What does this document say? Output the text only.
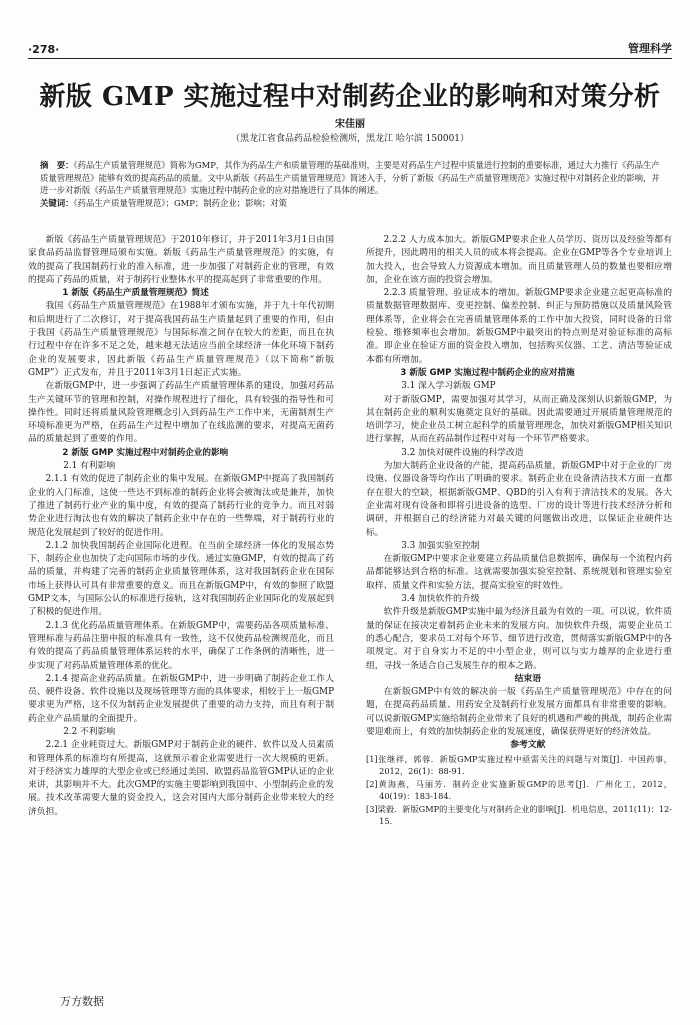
·278·	管理科学
新版 GMP 实施过程中对制药企业的影响和对策分析
宋佳丽
（黑龙江省食品药品检验检测所，黑龙江 哈尔滨 150001）
摘　要：《药品生产质量管理规范》简称为GMP，其作为药品生产和质量管理的基础准则，主要是对药品生产过程中质量进行控制的重要标准，通过大力推行《药品生产质量管理规范》能够有效的提高药品的质量。文中从新版《药品生产质量管理规范》简述入手，分析了新版《药品生产质量管理规范》实施过程中对制药企业的影响，并进一步对新版《药品生产质量管理规范》实施过程中制药企业的应对措施进行了具体的阐述。
关键词：《药品生产质量管理规范》；GMP；制药企业；影响；对策

新版《药品生产质量管理规范》于2010年修订，并于2011年3月1日由国家食品药品监督管理局颁布实施。新版《药品生产质量管理规范》的实施，有效的提高了我国制药行业的准入标准，进一步加强了对制药企业的管理，有效的提高了药品的质量，对于制药行业整体水平的提高起到了非常重要的作用。

1 新版《药品生产质量管理规范》简述

我国《药品生产质量管理规范》在1988年才颁布实施，并于九十年代初期和后期进行了二次修订，对于提高我国药品生产质量起到了重要的作用，但由于我国《药品生产质量管理规范》与国际标准之间存在较大的差距，而且在执行过程中存在许多不足之处，越来越无法适应当前全球经济一体化环境下制药企业的发展要求，因此新版《药品生产质量管理规范》（以下简称“新版 GMP”）正式发布，并且于2011年3月1日起正式实施。

在新版GMP中，进一步强调了药品生产质量管理体系的建设，加强对药品生产关键环节的管理和控制，对操作规程进行了细化，具有较强的指导性和可操作性。同时还将质量风险管理概念引入到药品生产工作中来，无菌制剂生产环境标准更为严格，在药品生产过程中增加了在线监测的要求，对提高无菌药品的质量起到了重要的作用。

2 新版 GMP 实施过程中对制药企业的影响

2.1 有利影响

2.1.1 有效的促进了制药企业的集中发展。在新版GMP中提高了我国制药企业的入门标准，这使一些达不到标准的制药企业将会被淘汰或是兼并，加快了推进了制药行业产业的集中度，有效的提高了制药行业的竞争力。而且对弱势企业进行淘汰也有效的解决了制药企业中存在的一些弊端，对于制药行业的规范化发展起到了较好的促进作用。

2.1.2 加快我国制药企业国际化进程。在当前全球经济一体化的发展态势下，制药企业也加快了走向国际市场的步伐。通过实施GMP，有效的提高了药品的质量，并构建了完善的制药企业质量管理体系，这对我国制药企业在国际市场上获得认可具有非常重要的意义。而且在新版GMP中，有效的参照了欧盟GMP文本，与国际公认的标准进行接轨，这对我国制药企业国际化的发展起到了积极的促进作用。

2.1.3 优化药品质量管理体系。在新版GMP中，需要药品各项质量标准、管理标准与药品注册申报的标准具有一致性，这不仅使药品检测规范化，而且有效的提高了药品质量管理体系运转的水平，确保了工作条例的清晰性，进一步实现了对药品质量管理体系的优化。

2.1.4 提高企业药品质量。在新版GMP中，进一步明确了制药企业工作人员、硬件设备、软件设施以及现场管理等方面的具体要求，相较于上一版GMP要求更为严格，这不仅为制药企业发展提供了重要的动力支持，而且有利于制药企业产品质量的全面提升。

2.2 不利影响

2.2.1 企业耗资过大。新版GMP对于制药企业的硬件、软件以及人员素质和管理体系的标准均有所提高，这就预示着企业需要进行一次大规模的更新。对于经济实力雄厚的大型企业或已经通过美国、欧盟药品监管GMP认证的企业来讲，其影响并不大。此次GMP的实施主要影响到我国中、小型制药企业的发展。技术改革需要大量的资金投入，这会对国内大部分制药企业带来较大的经济负担。

2.2.2 人力成本加大。新版GMP要求企业人员学历、资历以及经验等都有所提升，因此聘用的相关人员的成本将会提高。企业在GMP等各个专业培训上加大投入，也会导致人力资源成本增加。而且质量管理人员的数量也要相应增加，企业在该方面的投资会增加。

2.2.3 质量管理、验证成本的增加。新版GMP要求企业建立起更高标准的质量数据管理数据库、变更控制、偏差控制、纠正与预防措施以及质量风险管理体系等，企业将会在完善质量管理体系的工作中加大投资，同时设备的日常检验、维修频率也会增加。新版GMP中最突出的特点则是对验证标准的高标准。即企业在验证方面的资金投入增加，包括购买仪器、工艺、清洁等验证成本都有所增加。

3 新版 GMP 实施过程中制药企业的应对措施

3.1 深入学习新版 GMP

对于新版GMP，需要加强对其学习，从而正确及深刻认识新版GMP，为其在制药企业的顺利实施奠定良好的基础。因此需要通过开展质量管理规范的培训学习，使企业员工树立起科学的质量管理理念，加快对新版GMP相关知识进行掌握，从而在药品制作过程中对每一个环节严格要求。

3.2 加快对硬件设施的科学改造

为加大制药企业设备的产能，提高药品质量，新版GMP中对于企业的厂房设施、仪器设备等均作出了明确的要求。制药企业在设备清洁技术方面一直都存在很大的空缺，根据新版GMP、QBD的引入有利于清洁技术的发展。各大企业需对现有设备和即将引进设备的选型、厂房的设计等进行技术经济分析和调研，并根据自己的经济能力对最关键的问题做出改进，以保证企业硬件达标。

3.3 加强实验室控制

在新版GMP中要求企业要建立药品质量信息数据库，确保每一个流程内药品都能够达到合格的标准。这就需要加强实验室控制、系统规划和管理实验室取样、质量文件和实验方法，提高实验室的时效性。

3.4 加快软件的升级

软件升级是新版GMP实施中最为经济且最为有效的一项。可以说，软件质量的保证在接决定着制药企业未来的发展方向。加快软件升级，需要企业员工的悉心配合，要求员工对每个环节、细节进行改造，贯彻落实新版GMP中的各项规定。对于自身实力不足的中小型企业，则可以与实力雄厚的企业进行重组，寻找一条适合自己发展生存的根本之路。

结束语

在新版GMP中有效的解决前一版《药品生产质量管理规范》中存在的问题，在提高药品质量、用药安全及制药行业发展方面都具有非常重要的影响。可以说新版GMP实施给制药企业带来了良好的机遇和严峻的挑战，制药企业需要迎难而上，有效的加快制药企业的发展速度，确保获得更好的经济效益。

参考文献

[1]张继祥，郭蓉．新版GMP实施过程中亟需关注的问题与对策[J]．中国药事，2012，26(1)：88-91.

[2]黄海燕，马丽芳．制药企业实施新版GMP的思考[J]．广州化工，2012，40(19)：183-184.

[3]梁毅．新版GMP的主要变化与对制药企业的影响[J]．机电信息，2011(11)：12-15.

万方数据
